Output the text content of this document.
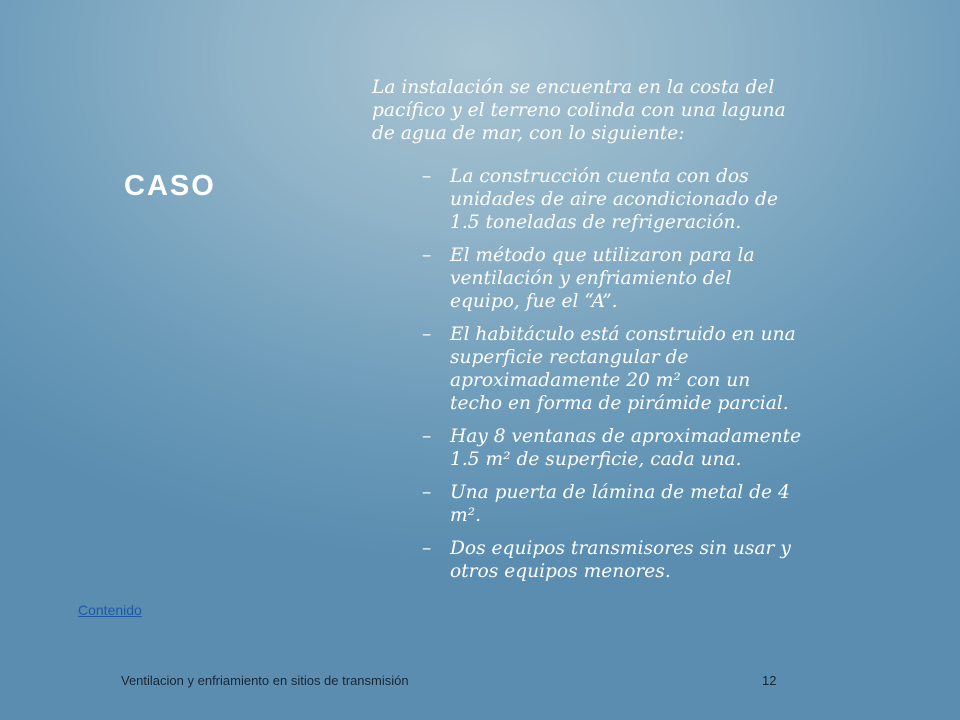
CASO

La instalación se encuentra en la costa del pacífico y el terreno colinda con una laguna de agua de mar, con lo siguiente:

– La construcción cuenta con dos unidades de aire acondicionado de 1.5 toneladas de refrigeración.
– El método que utilizaron para la ventilación y enfriamiento del equipo, fue el “A”.
– El habitáculo está construido en una superficie rectangular de aproximadamente 20 m² con un techo en forma de pirámide parcial.
– Hay 8 ventanas de aproximadamente 1.5 m² de superficie, cada una.
– Una puerta de lámina de metal de 4 m².
– Dos equipos transmisores sin usar y otros equipos menores.
Contenido
Ventilacion y enfriamiento en sitios de transmisión	12
